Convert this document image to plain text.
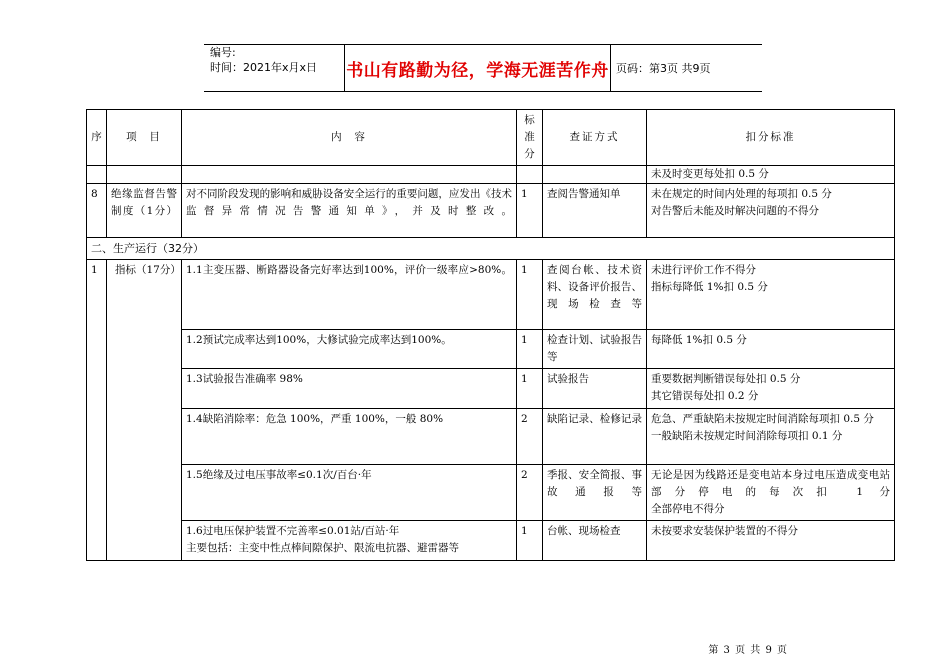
编号:
时间：2021年x月x日 书山有路勤为径，学海无涯苦作舟 页码：第3页 共9页
序	项  目	内  容	标准分	查证方式	扣分标准

					未及时变更每处扣 0.5 分

8	绝缘监督告警制度（1分）	对不同阶段发现的影响和威胁设备安全运行的重要问题，应发出《技术监督异常情况告警通知单》，并及时整改。	1	查阅告警通知单	未在规定的时间内处理的每项扣 0.5 分
对告警后未能及时解决问题的不得分

二、生产运行（32分）					
1	指标（17分）	1.1主变压器、断路器设备完好率达到100%，评价一级率应>80%。	1	查阅台帐、技术资料、设备评价报告、现场检查等	未进行评价工作不得分
指标每降低 1%扣 0.5 分

		1.2预试完成率达到100%，大修试验完成率达到100%。	1	检查计划、试验报告等	每降低 1%扣 0.5 分

		1.3试验报告准确率 98%	1	试验报告	重要数据判断错误每处扣 0.5 分
其它错误每处扣 0.2 分

		1.4缺陷消除率：危急 100%，严重 100%，一般 80%	2	缺陷记录、检修记录	危急、严重缺陷未按规定时间消除每项扣 0.5 分
一般缺陷未按规定时间消除每项扣 0.1 分

		1.5绝缘及过电压事故率≤0.1次/百台·年	2	季报、安全简报、事故通报等	无论是因为线路还是变电站本身过电压造成变电站部分停电的每次扣 1 分
全部停电不得分

		1.6过电压保护装置不完善率≤0.01站/百站·年
主要包括：主变中性点棒间隙保护、限流电抗器、避雷器等	1	台帐、现场检查	未按要求安装保护装置的不得分
第 3 页 共 9 页
